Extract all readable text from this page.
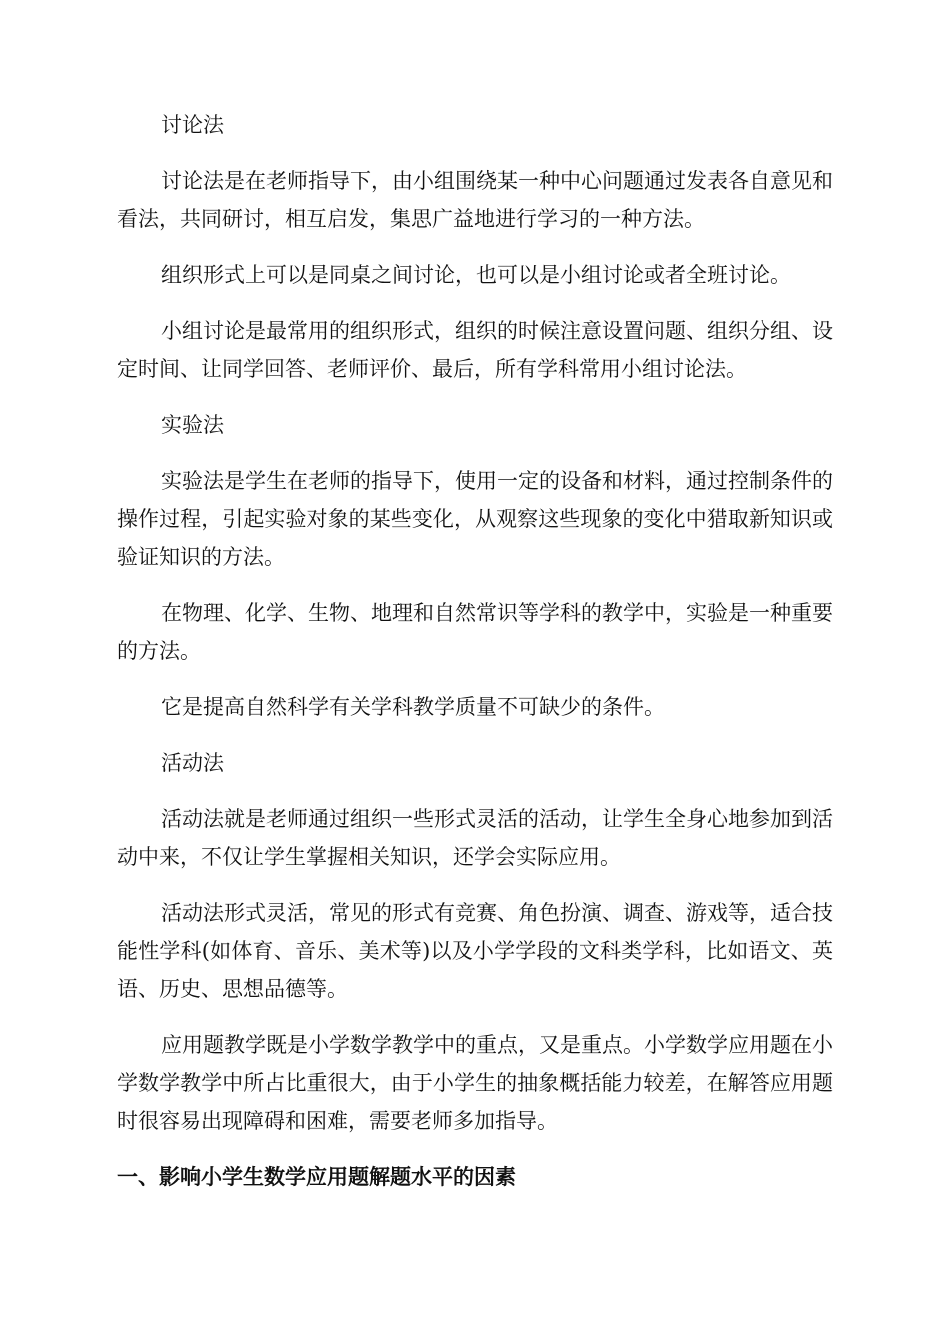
讨论法

讨论法是在老师指导下，由小组围绕某一种中心问题通过发表各自意见和看法，共同研讨，相互启发，集思广益地进行学习的一种方法。

组织形式上可以是同桌之间讨论，也可以是小组讨论或者全班讨论。

小组讨论是最常用的组织形式，组织的时候注意设置问题、组织分组、设定时间、让同学回答、老师评价、最后，所有学科常用小组讨论法。

实验法

实验法是学生在老师的指导下，使用一定的设备和材料，通过控制条件的操作过程，引起实验对象的某些变化，从观察这些现象的变化中猎取新知识或验证知识的方法。

在物理、化学、生物、地理和自然常识等学科的教学中，实验是一种重要的方法。

它是提高自然科学有关学科教学质量不可缺少的条件。

活动法

活动法就是老师通过组织一些形式灵活的活动，让学生全身心地参加到活动中来，不仅让学生掌握相关知识，还学会实际应用。

活动法形式灵活，常见的形式有竞赛、角色扮演、调查、游戏等，适合技能性学科(如体育、音乐、美术等)以及小学学段的文科类学科，比如语文、英语、历史、思想品德等。

应用题教学既是小学数学教学中的重点，又是重点。小学数学应用题在小学数学教学中所占比重很大，由于小学生的抽象概括能力较差，在解答应用题时很容易出现障碍和困难，需要老师多加指导。

一、影响小学生数学应用题解题水平的因素
